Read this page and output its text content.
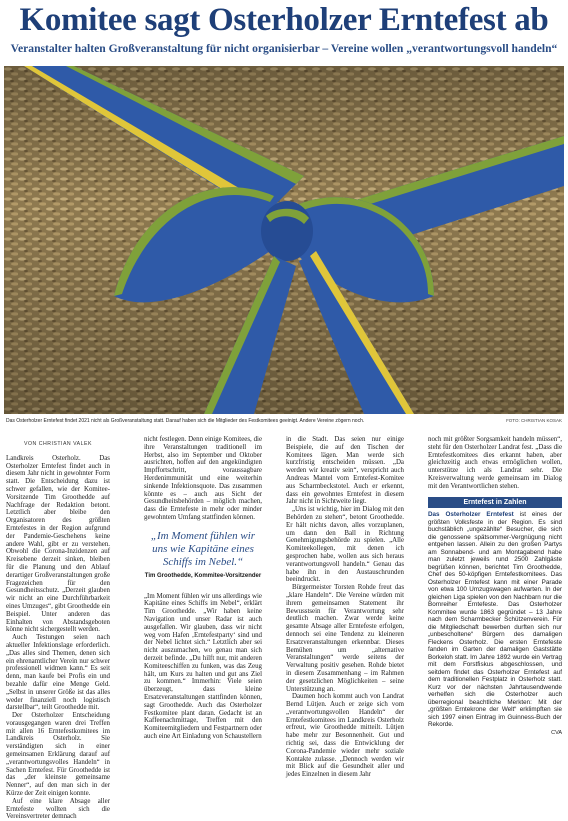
Komitee sagt Osterholzer Erntefest ab
Veranstalter halten Großveranstaltung für nicht organisierbar – Vereine wollen „verantwortungsvoll handeln“
Das Osterholzer Erntefest findet 2021 nicht als Großveranstaltung statt. Darauf haben sich die Mitglieder des Festkomitees geeinigt. Andere Vereine zögern noch.	FOTO: CHRISTIAN KOSAK
VON CHRISTIAN VALEK

Landkreis Osterholz. Das Osterholzer Erntefest findet auch in diesem Jahr nicht in gewohnter Form statt. Die Entscheidung dazu ist schwer gefallen, wie der Komitee-Vorsitzende Tim Groothedde auf Nachfrage der Redaktion betont. Letztlich aber bleibe den Organisatoren des größten Erntefestes in der Region aufgrund der Pandemie-Geschehens keine andere Wahl, gibt er zu verstehen. Obwohl die Corona-Inzidenzen auf Kreisebene derzeit sinken, bleiben für die Planung und den Ablauf derartiger Großveranstaltungen große Fragezeichen für den Gesundheitsschutz. „Derzeit glauben wir nicht an eine Durchführbarkeit eines Umzuges“, gibt Groothedde ein Beispiel. Unter anderen das Einhalten von Abstandsgeboten könne nicht sichergestellt werden.

Auch Testungen seien nach aktueller Infektionslage erforderlich. „Das alles sind Themen, denen sich ein ehrenamtlicher Verein nur schwer professionell widmen kann.“ Es seit denn, man kaufe bei Profis ein und bezahle dafür eine Menge Geld. „Selbst in unserer Größe ist das alles weder finanziell noch logistisch darstellbar“, teilt Groothedde mit.

Der Osterholzer Entscheidung vorausgegangen waren drei Treffen mit allen 16 Erntefestkomitees im Landkreis Osterholz. Sie verständigten sich in einer gemeinsamen Erklärung darauf auf „verantwortungsvolles Handeln“ in Sachen Erntefest. Für Groothedde ist das „der kleinste gemeinsame Nenner“, auf den man sich in der Kürze der Zeit einigen konnte.

Auf eine klare Absage aller Erntefeste wollten sich die Vereinsvertreter demnach

nicht festlegen. Denn einige Komitees, die ihre Veranstaltungen traditionell im Herbst, also im September und Oktober ausrichten, hoffen auf den angekündigten Impffortschritt, voraussagbare Herdenimmunität und eine weiterhin sinkende Infektionsquote. Das zusammen könnte es – auch aus Sicht der Gesundheitsbehörden – möglich machen, dass die Erntefeste in mehr oder minder gewohntem Umfang stattfinden können.

„Im Moment fühlen wir uns wie Kapitäne eines Schiffs im Nebel.“
Tim Groothedde, Kommitee-Vorsitzender

„Im Moment fühlen wir uns allerdings wie Kapitäne eines Schiffs im Nebel“, erklärt Tim Groothedde. „Wir haben keine Navigation und unser Radar ist auch ausgefallen. Wir glauben, dass wir nicht weg vom Hafen ‚Erntefestparty‘ sind und der Nebel lichtet sich.“ Letztlich aber sei nicht auszumachen, wo genau man sich derzeit befinde. „Du hilft nur, mit anderen Komiteeschiffen zu funken, was das Zeug hält, um Kurs zu halten und gut ans Ziel zu kommen.“ Immerhin: Viele seien überzeugt, dass kleine Ersatzveranstaltungen stattfinden können, sagt Groothedde. Auch das Osterholzer Festkomitee plant daran. Gedacht ist an Kaffeenachmittage, Treffen mit den Komiteemitgliedern und Festpartnern oder auch eine Art Einladung von Schaustellern

in die Stadt. Das seien nur einige Beispiele, die auf den Tischen der Komitees lägen. Man werde sich kurzfristig entscheiden müssen. „Da werden wir kreativ sein“, verspricht auch Andreas Mantel vom Erntefest-Komitee aus Scharmbeckstotel. Auch er erkennt, dass ein gewohntes Erntefest in diesem Jahr nicht in Sichtweite liegt.

„Uns ist wichtig, hier im Dialog mit den Behörden zu stehen“, betont Groothedde. Er hält nichts davon, alles vorzuplanen, um dann den Ball in Richtung Genehmigungsbehörde zu spielen. „Alle Komiteekollegen, mit denen ich gesprochen habe, wollen aus sich heraus verantwortungsvoll handeln.“ Genau das habe ihn in den Austauschrunden beeindruckt.

Bürgermeister Torsten Rohde freut das „klare Handeln“. Die Vereine würden mit ihrem gemeinsamen Statement ihr Bewusstsein für Verantwortung sehr deutlich machen. Zwar werde keine gesamte Absage aller Erntefeste erfolgen, dennoch sei eine Tendenz zu kleineren Ersatzveranstaltungen erkennbar. Dieses Bemühen um „alternative Veranstaltungen“ werde seitens der Verwaltung positiv gesehen. Rohde bietet in diesem Zusammenhang – im Rahmen der gesetzlichen Möglichkeiten – seine Unterstützung an.

Daumen hoch kommt auch von Landrat Bernd Lütjen. Auch er zeige sich vom „verantwortungsvollen Handeln“ der Erntefestkomitees im Landkreis Osterholz erfreut, wie Groothedde mitteilt. Lütjen habe mehr zur Besonnenheit. Gut und richtig sei, dass die Entwicklung der Corona-Pandemie wieder mehr soziale Kontakte zulasse. „Dennoch werden wir mit Blick auf die Gesundheit aller und jedes Einzelnen in diesem Jahr

noch mit größter Sorgsamkeit handeln müssen“, steht für den Osterholzer Landrat fest. „Dass die Erntefestkomitees dies erkannt haben, aber gleichzeitig auch etwas ermöglichen wollen, unterstütze ich als Landrat sehr. Die Kreisverwaltung werde gemeinsam im Dialog mit den Verantwortlichen stehen.

Erntefest in Zahlen
Das Osterholzer Erntefest ist eines der größten Volksfeste in der Region. Es sind buchstäblich „ungezählte“ Besucher, die sich die genossene spätsommer-Vergnügung nicht entgehen lassen. Allein zu den großen Partys am Sonnabend- und am Montagabend habe man zuletzt jeweils rund 2500 Zahlgäste begrüßen können, berichtet Tim Groothedde, Chef des 50-köpfigen Erntefestkomitees. Das Osterholzer Erntefest kann mit einer Parade von etwa 100 Umzugswagen aufwarten. In der gleichen Liga spielen von den Nachbarn nur die Bornreiher Erntefeste. Das Osterholzer Kommitee wurde 1863 gegründet – 13 Jahre nach dem Scharmbecker Schützenverein. Für die Mitgliedschaft bewerben durften sich nur „unbescholtene“ Bürgern des damaligen Fleckens Osterholz. Die ersten Erntefeste fanden im Garten der damaligen Gaststätte Borkeloh statt. Im Jahre 1892 wurde ein Vertrag mit dem Forstfiskus abgeschlossen, und seitdem findet das Osterholzer Erntefest auf dem traditionellen Festplatz in Osterholz statt. Kurz vor der nächsten Jahrtausendwende verhelfen sich die Osterholzer auch überregional beachtliche Merkten: Mit der „größten Erntekrone der Welt“ erklimpften sie sich 1997 einen Eintrag im Guinness-Buch der Rekorde.
CVA
